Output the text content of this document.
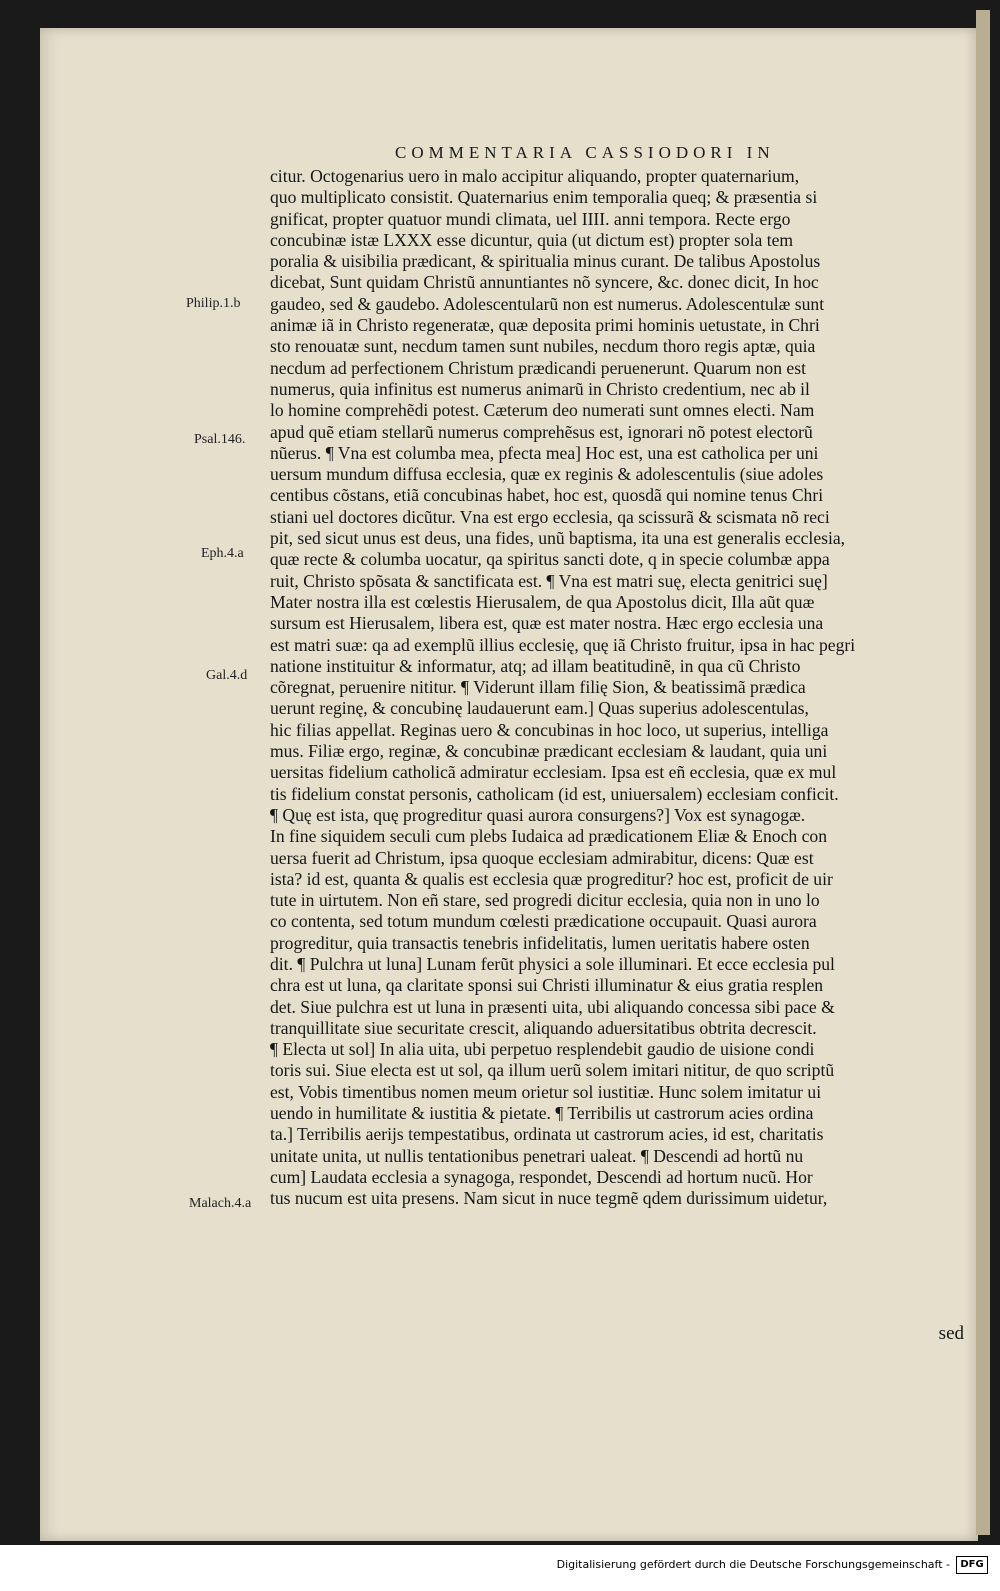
COMMENTARIA CASSIODORI IN
citur. Octogenarius uero in malo accipitur aliquando, propter quaternarium,
quo multiplicato consistit. Quaternarius enim temporalia queq; & præsentia si
gnificat, propter quatuor mundi climata, uel IIII. anni tempora. Recte ergo
concubinæ istæ LXXX esse dicuntur, quia (ut dictum est) propter sola tem
poralia & uisibilia prædicant, & spiritualia minus curant. De talibus Apostolus
dicebat, Sunt quidam Christũ annuntiantes nõ syncere, &c. donec dicit, In hoc
gaudeo, sed & gaudebo. Adolescentularũ non est numerus. Adolescentulæ sunt
animæ iã in Christo regeneratæ, quæ deposita primi hominis uetustate, in Chri
sto renouatæ sunt, necdum tamen sunt nubiles, necdum thoro regis aptæ, quia
necdum ad perfectionem Christum prædicandi peruenerunt. Quarum non est
numerus, quia infinitus est numerus animarũ in Christo credentium, nec ab il
lo homine comprehẽdi potest. Cæterum deo numerati sunt omnes electi. Nam
apud quẽ etiam stellarũ numerus comprehẽsus est, ignorari nõ potest electorũ
nũerus. ¶ Vna est columba mea, pfecta mea] Hoc est, una est catholica per uni
uersum mundum diffusa ecclesia, quæ ex reginis & adolescentulis (siue adoles
centibus cõstans, etiã concubinas habet, hoc est, quosdã qui nomine tenus Chri
stiani uel doctores dicũtur. Vna est ergo ecclesia, qa scissurã & scismata nõ reci
pit, sed sicut unus est deus, una fides, unũ baptisma, ita una est generalis ecclesia,
quæ recte & columba uocatur, qa spiritus sancti dote, q in specie columbæ appa
ruit, Christo spõsata & sanctificata est. ¶ Vna est matri suę, electa genitrici suę]
Mater nostra illa est cœlestis Hierusalem, de qua Apostolus dicit, Illa aũt quæ
sursum est Hierusalem, libera est, quæ est mater nostra. Hæc ergo ecclesia una
est matri suæ: qa ad exemplũ illius ecclesię, quę iã Christo fruitur, ipsa in hac pegri
natione instituitur & informatur, atq; ad illam beatitudinẽ, in qua cũ Christo
cõregnat, peruenire nititur. ¶ Viderunt illam filię Sion, & beatissimã prædica
uerunt reginę, & concubinę laudauerunt eam.] Quas superius adolescentulas,
hic filias appellat. Reginas uero & concubinas in hoc loco, ut superius, intelliga
mus. Filiæ ergo, reginæ, & concubinæ prædicant ecclesiam & laudant, quia uni
uersitas fidelium catholicã admiratur ecclesiam. Ipsa est eñ ecclesia, quæ ex mul
tis fidelium constat personis, catholicam (id est, uniuersalem) ecclesiam conficit.
¶ Quę est ista, quę progreditur quasi aurora consurgens?] Vox est synagogæ.
In fine siquidem seculi cum plebs Iudaica ad prædicationem Eliæ & Enoch con
uersa fuerit ad Christum, ipsa quoque ecclesiam admirabitur, dicens: Quæ est
ista? id est, quanta & qualis est ecclesia quæ progreditur? hoc est, proficit de uir
tute in uirtutem. Non eñ stare, sed progredi dicitur ecclesia, quia non in uno lo
co contenta, sed totum mundum cœlesti prædicatione occupauit. Quasi aurora
progreditur, quia transactis tenebris infidelitatis, lumen ueritatis habere osten
dit. ¶ Pulchra ut luna] Lunam ferũt physici a sole illuminari. Et ecce ecclesia pul
chra est ut luna, qa claritate sponsi sui Christi illuminatur & eius gratia resplen
det. Siue pulchra est ut luna in præsenti uita, ubi aliquando concessa sibi pace &
tranquillitate siue securitate crescit, aliquando aduersitatibus obtrita decrescit.
¶ Electa ut sol] In alia uita, ubi perpetuo resplendebit gaudio de uisione condi
toris sui. Siue electa est ut sol, qa illum uerũ solem imitari nititur, de quo scriptũ
est, Vobis timentibus nomen meum orietur sol iustitiæ. Hunc solem imitatur ui
uendo in humilitate & iustitia & pietate. ¶ Terribilis ut castrorum acies ordina
ta.] Terribilis aerijs tempestatibus, ordinata ut castrorum acies, id est, charitatis
unitate unita, ut nullis tentationibus penetrari ualeat. ¶ Descendi ad hortũ nu
cum] Laudata ecclesia a synagoga, respondet, Descendi ad hortum nucũ. Hor
tus nucum est uita presens. Nam sicut in nuce tegmẽ qdem durissimum uidetur,
Philip.1.b
Psal.146.
Eph.4.a
Gal.4.d
Malach.4.a
sed
Digitalisierung gefördert durch die Deutsche Forschungsgemeinschaft -	DFG
